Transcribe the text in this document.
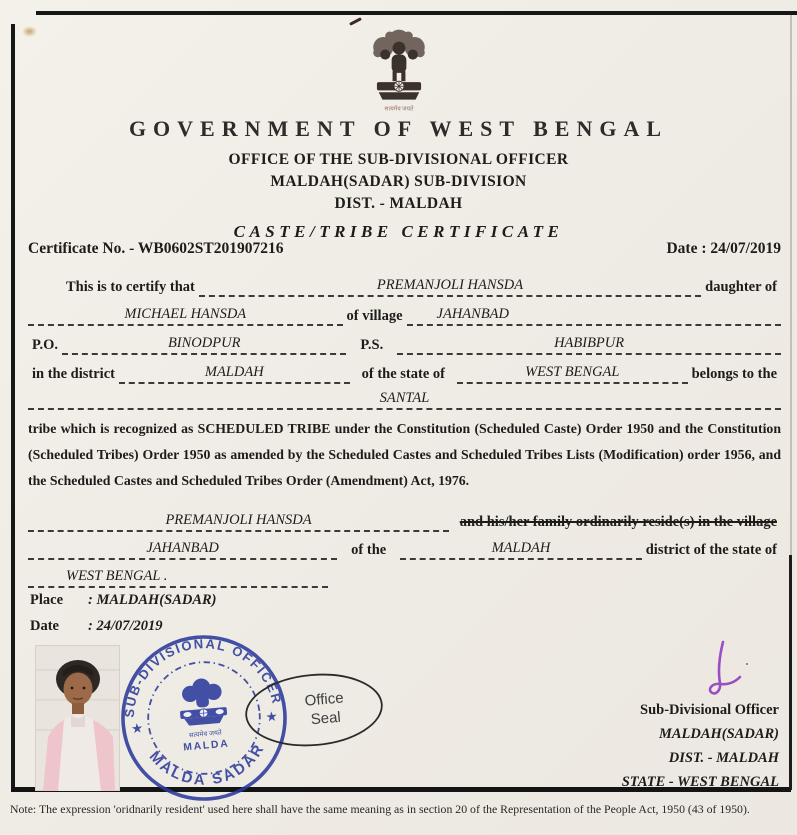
सत्यमेव जयते
GOVERNMENT OF WEST BENGAL
OFFICE OF THE SUB-DIVISIONAL OFFICER
MALDAH(SADAR) SUB-DIVISION
DIST. - MALDAH
CASTE/TRIBE CERTIFICATE
Certificate No. - WB0602ST201907216	Date : 24/07/2019
This is to certify that	PREMANJOLI HANSDA	daughter of
MICHAEL HANSDA	of village	JAHANBAD
P.O.	BINODPUR	P.S.	HABIBPUR
in the district	MALDAH	of the state of	WEST BENGAL	belongs to the
SANTAL
tribe which is recognized as SCHEDULED TRIBE under the Constitution (Scheduled Caste) Order 1950 and the Constitution (Scheduled Tribes) Order 1950 as amended by the Scheduled Castes and Scheduled Tribes Lists (Modification) order 1956, and the Scheduled Castes and Scheduled Tribes Order (Amendment) Act, 1976.
PREMANJOLI HANSDA	and his/her family ordinarily reside(s) in the village
JAHANBAD	of the	MALDAH	district of the state of
WEST BENGAL .
Place	: MALDAH(SADAR)
Date	: 24/07/2019
SUB-DIVISIONAL OFFICER
MALDA SADAR
★
★
सत्यमेव जयते
MALDA
Office
Seal	Sub-Divisional Officer
MALDAH(SADAR)
DIST. - MALDAH
STATE - WEST BENGAL
Note: The expression 'oridnarily resident' used here shall have the same meaning as in section 20 of the Representation of the People Act, 1950 (43 of 1950).
